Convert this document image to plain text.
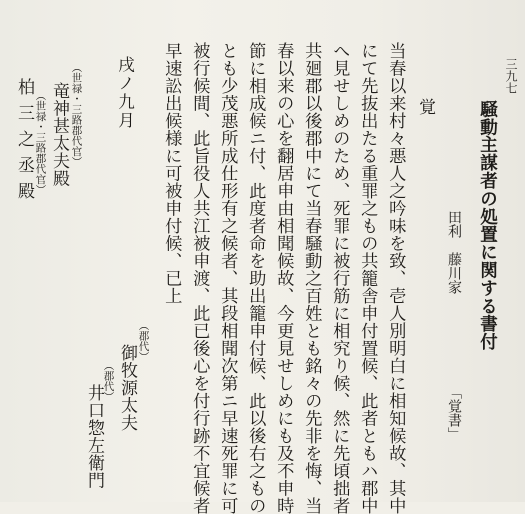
三九七
騒動主謀者の処置に関する書付
田利　藤川家
「覚書」
覚
当春以来村々悪人之吟味を致、壱人別明白に相知候故、其中
にて先抜出たる重罪之もの共籠舎申付置候、此者ともハ郡中
へ見せしめのため、死罪に被行筋に相究り候、然に先頃拙者
共廻郡以後郡中にて当春騒動之百姓とも銘々の先非を悔、当
春以来の心を翻居申由相聞候故、今更見せしめにも及不申時
節に相成候ニ付、此度者命を助出籠申付候、此以後右之もの
とも少茂悪所成仕形有之候者、其段相聞次第ニ早速死罪に可
被行候間、此旨役人共江被申渡、此已後心を付行跡不宜候者
早速訟出候様に可被申付候、已上
戌ノ九月
（郡代）
御牧源太夫
（郡代）
井口惣左衛門
（世禄・三路郡代官）
竜神甚太夫殿
（世禄・三路郡代官）
柏三之丞殿
